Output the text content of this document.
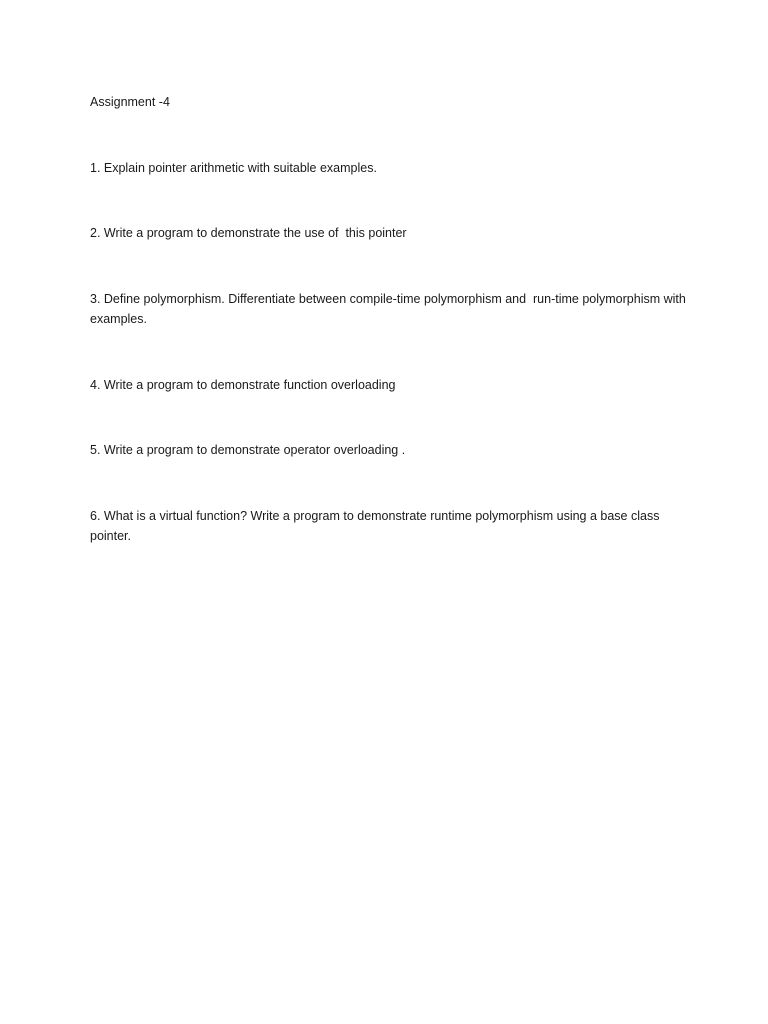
Assignment -4

1. Explain pointer arithmetic with suitable examples.

2. Write a program to demonstrate the use of  this pointer

3. Define polymorphism. Differentiate between compile-time polymorphism and  run-time polymorphism with examples.

4. Write a program to demonstrate function overloading

5. Write a program to demonstrate operator overloading .

6. What is a virtual function? Write a program to demonstrate runtime polymorphism using a base class pointer.
